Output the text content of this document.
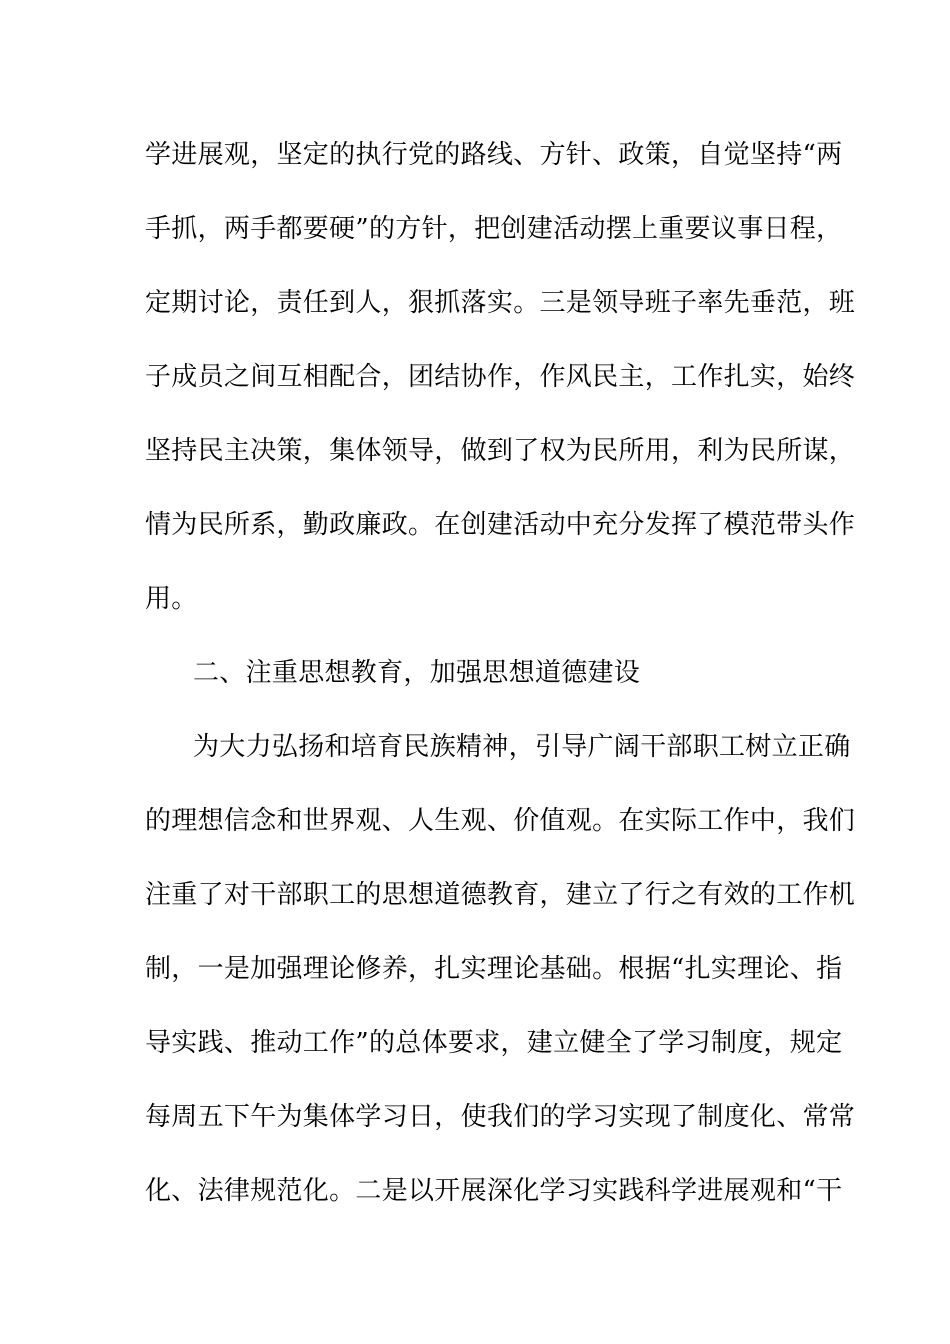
学进展观，坚定的执行党的路线、方针、政策，自觉坚持“两
手抓，两手都要硬”的方针，把创建活动摆上重要议事日程，
定期讨论，责任到人，狠抓落实。三是领导班子率先垂范，班
子成员之间互相配合，团结协作，作风民主，工作扎实，始终
坚持民主决策，集体领导，做到了权为民所用，利为民所谋，
情为民所系，勤政廉政。在创建活动中充分发挥了模范带头作
用。
二、注重思想教育，加强思想道德建设
为大力弘扬和培育民族精神，引导广阔干部职工树立正确
的理想信念和世界观、人生观、价值观。在实际工作中，我们
注重了对干部职工的思想道德教育，建立了行之有效的工作机
制，一是加强理论修养，扎实理论基础。根据“扎实理论、指
导实践、推动工作”的总体要求，建立健全了学习制度，规定
每周五下午为集体学习日，使我们的学习实现了制度化、常常
化、法律规范化。二是以开展深化学习实践科学进展观和“干
